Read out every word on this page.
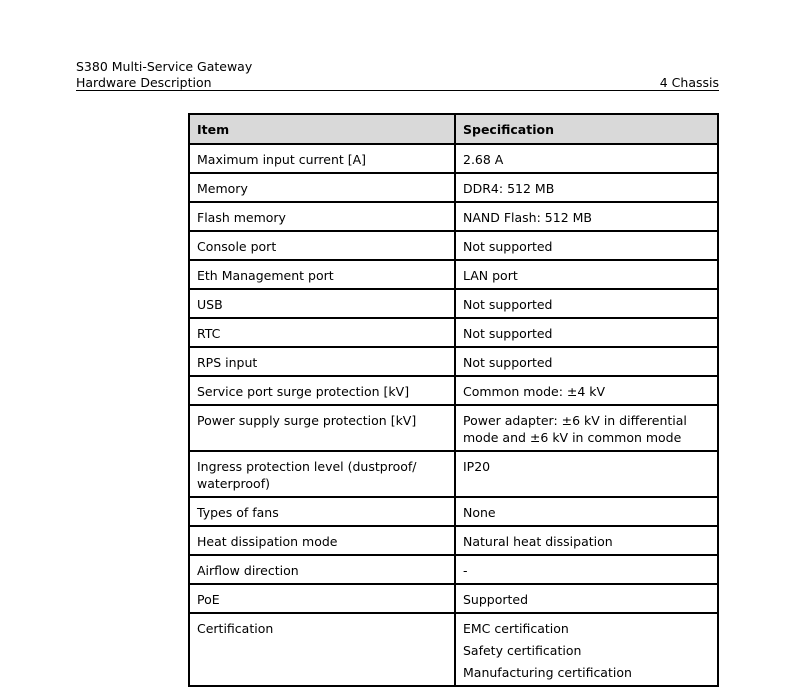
S380 Multi-Service Gateway
Hardware Description	4 Chassis
Item	Specification
Maximum input current [A]	2.68 A

Memory	DDR4: 512 MB

Flash memory	NAND Flash: 512 MB

Console port	Not supported

Eth Management port	LAN port

USB	Not supported

RTC	Not supported

RPS input	Not supported

Service port surge protection [kV]	Common mode: ±4 kV

Power supply surge protection [kV]	Power adapter: ±6 kV in differential mode and ±6 kV in common mode

Ingress protection level (dustproof/ waterproof)	IP20

Types of fans	None

Heat dissipation mode	Natural heat dissipation

Airflow direction	-

PoE	Supported

Certification	EMC certification
Safety certification
Manufacturing certification
